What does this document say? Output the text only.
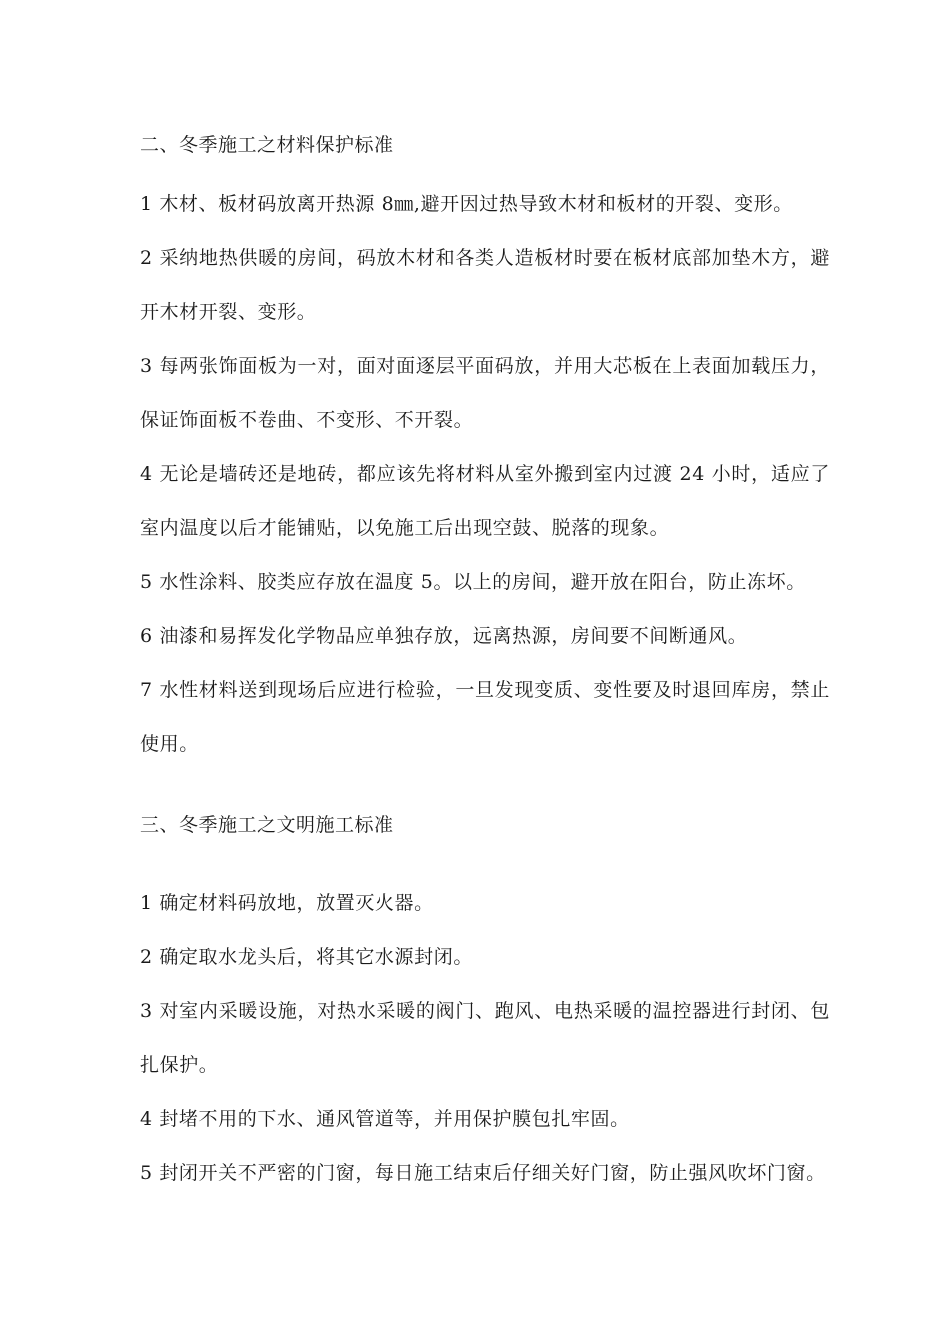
二、冬季施工之材料保护标准

1 木材、板材码放离开热源 8㎜,避开因过热导致木材和板材的开裂、变形。

2 采纳地热供暖的房间，码放木材和各类人造板材时要在板材底部加垫木方，避开木材开裂、变形。

3 每两张饰面板为一对，面对面逐层平面码放，并用大芯板在上表面加载压力，保证饰面板不卷曲、不变形、不开裂。

4 无论是墙砖还是地砖，都应该先将材料从室外搬到室内过渡 24 小时，适应了室内温度以后才能铺贴，以免施工后出现空鼓、脱落的现象。

5 水性涂料、胶类应存放在温度 5。以上的房间，避开放在阳台，防止冻坏。

6 油漆和易挥发化学物品应单独存放，远离热源，房间要不间断通风。

7 水性材料送到现场后应进行检验，一旦发现变质、变性要及时退回库房，禁止使用。

三、冬季施工之文明施工标准

1 确定材料码放地，放置灭火器。

2 确定取水龙头后，将其它水源封闭。

3 对室内采暖设施，对热水采暖的阀门、跑风、电热采暖的温控器进行封闭、包扎保护。

4 封堵不用的下水、通风管道等，并用保护膜包扎牢固。

5 封闭开关不严密的门窗，每日施工结束后仔细关好门窗，防止强风吹坏门窗。
